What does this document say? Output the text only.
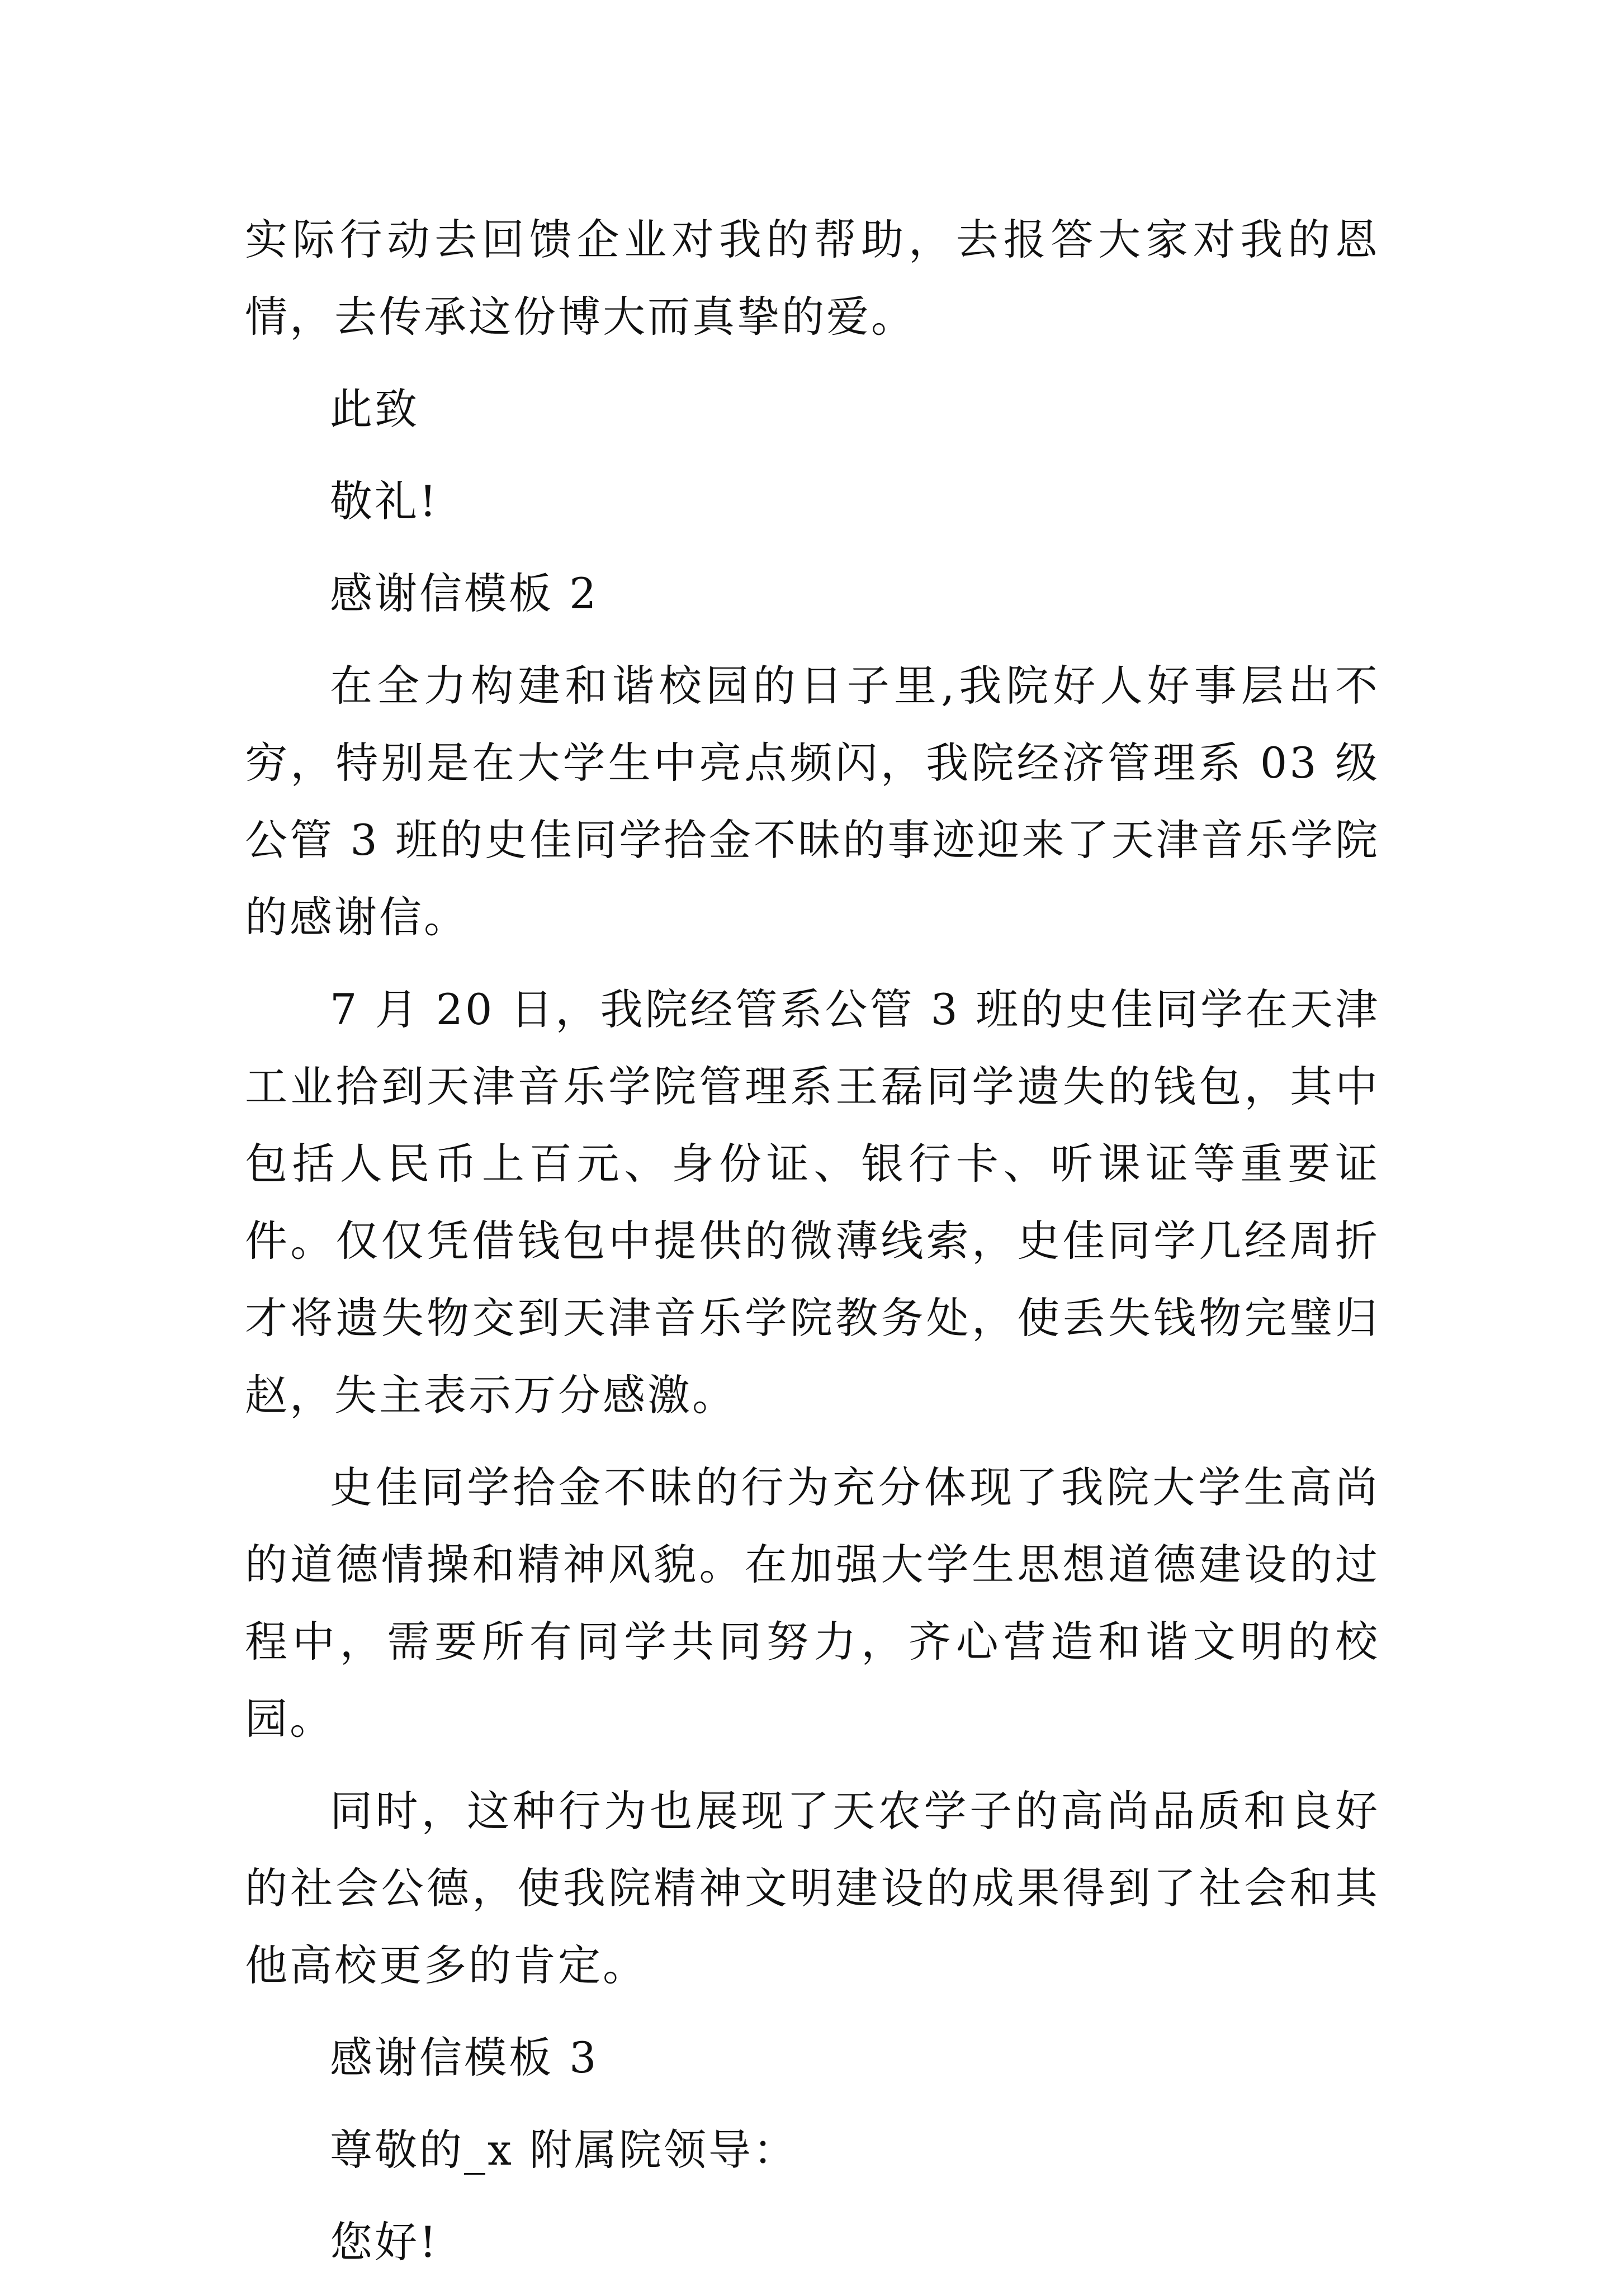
实际行动去回馈企业对我的帮助，去报答大家对我的恩情，去传承这份博大而真挚的爱。

此致

敬礼!

感谢信模板 2

在全力构建和谐校园的日子里,我院好人好事层出不穷，特别是在大学生中亮点频闪，我院经济管理系 03 级公管 3 班的史佳同学拾金不昧的事迹迎来了天津音乐学院的感谢信。

7 月 20 日，我院经管系公管 3 班的史佳同学在天津工业拾到天津音乐学院管理系王磊同学遗失的钱包，其中包括人民币上百元、身份证、银行卡、听课证等重要证件。仅仅凭借钱包中提供的微薄线索，史佳同学几经周折才将遗失物交到天津音乐学院教务处，使丢失钱物完璧归赵，失主表示万分感激。

史佳同学拾金不昧的行为充分体现了我院大学生高尚的道德情操和精神风貌。在加强大学生思想道德建设的过程中，需要所有同学共同努力，齐心营造和谐文明的校园。

同时，这种行为也展现了天农学子的高尚品质和良好的社会公德，使我院精神文明建设的成果得到了社会和其他高校更多的肯定。

感谢信模板 3

尊敬的_x 附属院领导：

您好!
